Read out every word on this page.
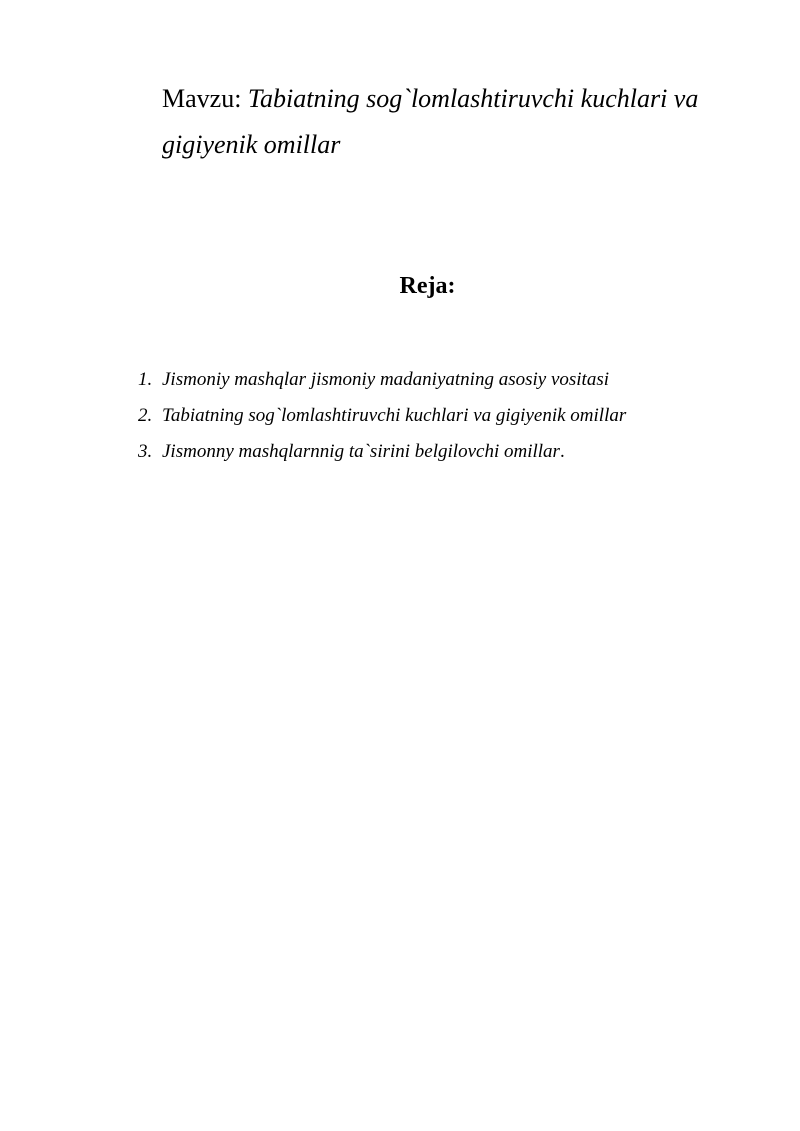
Mavzu: Tabiatning sog`lomlashtiruvchi kuchlari va
gigiyenik omillar
Reja:
1. Jismoniy mashqlar jismoniy madaniyatning asosiy vositasi
2. Tabiatning sog`lomlashtiruvchi kuchlari va gigiyenik omillar
3. Jismonny mashqlarnnig ta`sirini belgilovchi omillar.
